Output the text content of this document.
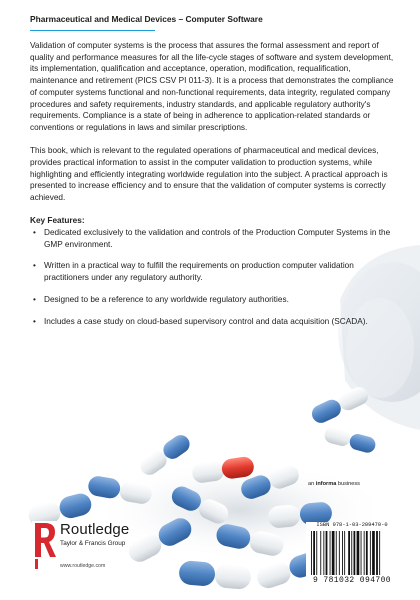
Pharmaceutical and Medical Devices – Computer Software

Validation of computer systems is the process that assures the formal assessment and report of quality and performance measures for all the life-cycle stages of software and system development, its implementation, qualification and acceptance, operation, modification, requalification, maintenance and retirement (PICS CSV PI 011-3). It is a process that demonstrates the compliance of computer systems functional and non-functional requirements, data integrity, regulated company procedures and safety requirements, industry standards, and applicable regulatory authority's requirements. Compliance is a state of being in adherence to application-related standards or conventions or regulations in laws and similar prescriptions.

This book, which is relevant to the regulated operations of pharmaceutical and medical devices, provides practical information to assist in the computer validation to production systems, while highlighting and efficiently integrating worldwide regulation into the subject. A practical approach is presented to increase efficiency and to ensure that the validation of computer systems is correctly achieved.

Key Features:

• Dedicated exclusively to the validation and controls of the Production Computer Systems in the GMP environment.
• Written in a practical way to fulfill the requirements on production computer validation practitioners under any regulatory authority.
• Designed to be a reference to any worldwide regulatory authorities.
• Includes a case study on cloud-based supervisory control and data acquisition (SCADA).
an informa business
Routledge
Taylor & Francis Group
www.routledge.com
ISBN 978-1-03-209470-0
9 781032 094700
